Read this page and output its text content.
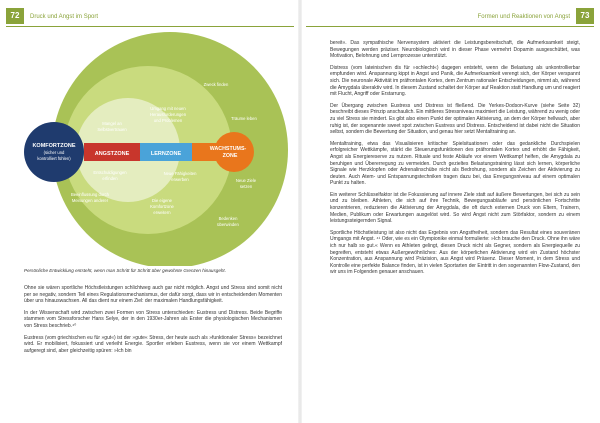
72	Druck und Angst im Sport
KOMFORTZONE
(sicher und
kontrolliert fühlen)
ANGSTZONE	LERNZONE
WACHSTUMS-
ZONE
Zweck finden
Umgang mit neuen
Herausforderungen
und Problemen	Träume leben
Mangel an
Selbstvertrauen
Entschuldigungen
erfinden
Neue Fähigkeiten
erwerben	Neue Ziele
setzen
Beeinflussung durch
Meinungen anderer	Die eigene
Komfortzone
erweitern
Bedenken
überwinden
Persönliche Entwicklung entsteht, wenn man Schritt für Schritt über gewohnte Grenzen hinausgeht.

Ohne sie wären sportliche Höchstleistungen schlichtweg auch gar nicht möglich. Angst und Stress sind somit nicht per se negativ, sondern Teil eines Regulationsmechanismus, der dafür sorgt, dass wir in entscheidenden Momenten über uns hinauswachsen. All das dient nur einem Ziel: der maximalen Handlungsfähigkeit.

In der Wissenschaft wird zwischen zwei Formen von Stress unterschieden: Eustress und Distress. Beide Begriffe stammen vom Stressforscher Hans Selye, der in den 1930er-Jahren als Erster die physiologischen Mechanismen von Stress beschrieb.⁴⁰

Eustress (vom griechischen eu für »gut«) ist der »gute« Stress, der heute auch als »funktionaler Stress« bezeichnet wird. Er mobilisiert, fokussiert und verleiht Energie. Sportler erleben Eustress, wenn sie vor einem Wettkampf aufgeregt sind, aber gleichzeitig spüren: »Ich bin

73
Formen und Reaktionen von Angst

bereit«. Das sympathische Nervensystem aktiviert die Leistungsbereitschaft, die Aufmerksamkeit steigt, Bewegungen werden präziser. Neurobiologisch wird in dieser Phase vermehrt Dopamin ausgeschüttet, was Motivation, Belohnung und Lernprozesse unterstützt.

Distress (vom lateinischen dis für »schlecht«) dagegen entsteht, wenn die Belastung als unkontrollierbar empfunden wird. Anspannung kippt in Angst und Panik, die Aufmerksamkeit verengt sich, der Körper verspannt sich. Die neuronale Aktivität im präfrontalen Kortex, dem Zentrum rationaler Entscheidungen, nimmt ab, während die Amygdala überaktiv wird. In diesem Zustand schaltet der Körper auf Reaktion statt Handlung um und reagiert mit Flucht, Angriff oder Erstarrung.

Der Übergang zwischen Eustress und Distress ist fließend. Die Yerkes-Dodson-Kurve (siehe Seite 32) beschreibt dieses Prinzip anschaulich. Ein mittleres Stressniveau maximiert die Leistung, während zu wenig oder zu viel Stress sie mindert. Es gibt also einen Punkt der optimalen Aktivierung, an dem der Körper hellwach, aber ruhig ist, der sogenannte sweet spot zwischen Eustress und Distress. Entscheidend ist dabei nicht die Situation selbst, sondern die Bewertung der Situation, und genau hier setzt Mentaltraining an.

Mentaltraining, etwa das Visualisieren kritischer Spielsituationen oder das gedankliche Durchspielen erfolgreicher Wettkämpfe, stärkt die Steuerungsfunktionen des präfrontalen Kortex und erhöht die Fähigkeit, Angst als Energiereserve zu nutzen. Rituale und feste Abläufe vor einem Wettkampf helfen, die Amygdala zu beruhigen und Übererregung zu vermeiden. Durch gezieltes Belastungstraining lässt sich lernen, körperliche Signale wie Herzklopfen oder Adrenalinschübe nicht als Bedrohung, sondern als Zeichen der Aktivierung zu deuten. Auch Atem- und Entspannungstechniken tragen dazu bei, das Erregungsniveau auf einem optimalen Punkt zu halten.

Ein weiterer Schlüsselfaktor ist die Fokussierung auf innere Ziele statt auf äußere Bewertungen, bei sich zu sein und zu bleiben. Athleten, die sich auf ihre Technik, Bewegungsabläufe und persönlichen Fortschritte konzentrieren, reduzieren die Aktivierung der Amygdala, die oft durch externen Druck von Eltern, Trainern, Medien, Publikum oder Erwartungen ausgelöst wird. So wird Angst nicht zum Störfaktor, sondern zu einem leistungssteigernden Signal.

Sportliche Höchstleistung ist also nicht das Ergebnis von Angstfreiheit, sondern das Resultat eines souveränen Umgangs mit Angst. ⁴¹ Oder, wie es ein Olympionike einmal formulierte: »Ich brauche den Druck. Ohne ihn wäre ich nur halb so gut.« Wenn es Athleten gelingt, diesen Druck nicht als Gegner, sondern als Energiequelle zu begreifen, entsteht etwas Außergewöhnliches: Aus der körperlichen Aktivierung wird ein Zustand höchster Konzentration, aus Anspannung wird Präzision, aus Angst wird Präsenz. Dieser Moment, in dem Stress und Kontrolle eine perfekte Balance finden, ist in vielen Sportarten der Eintritt in den sogenannten Flow-Zustand, den wir uns im Folgenden genauer anschauen.
